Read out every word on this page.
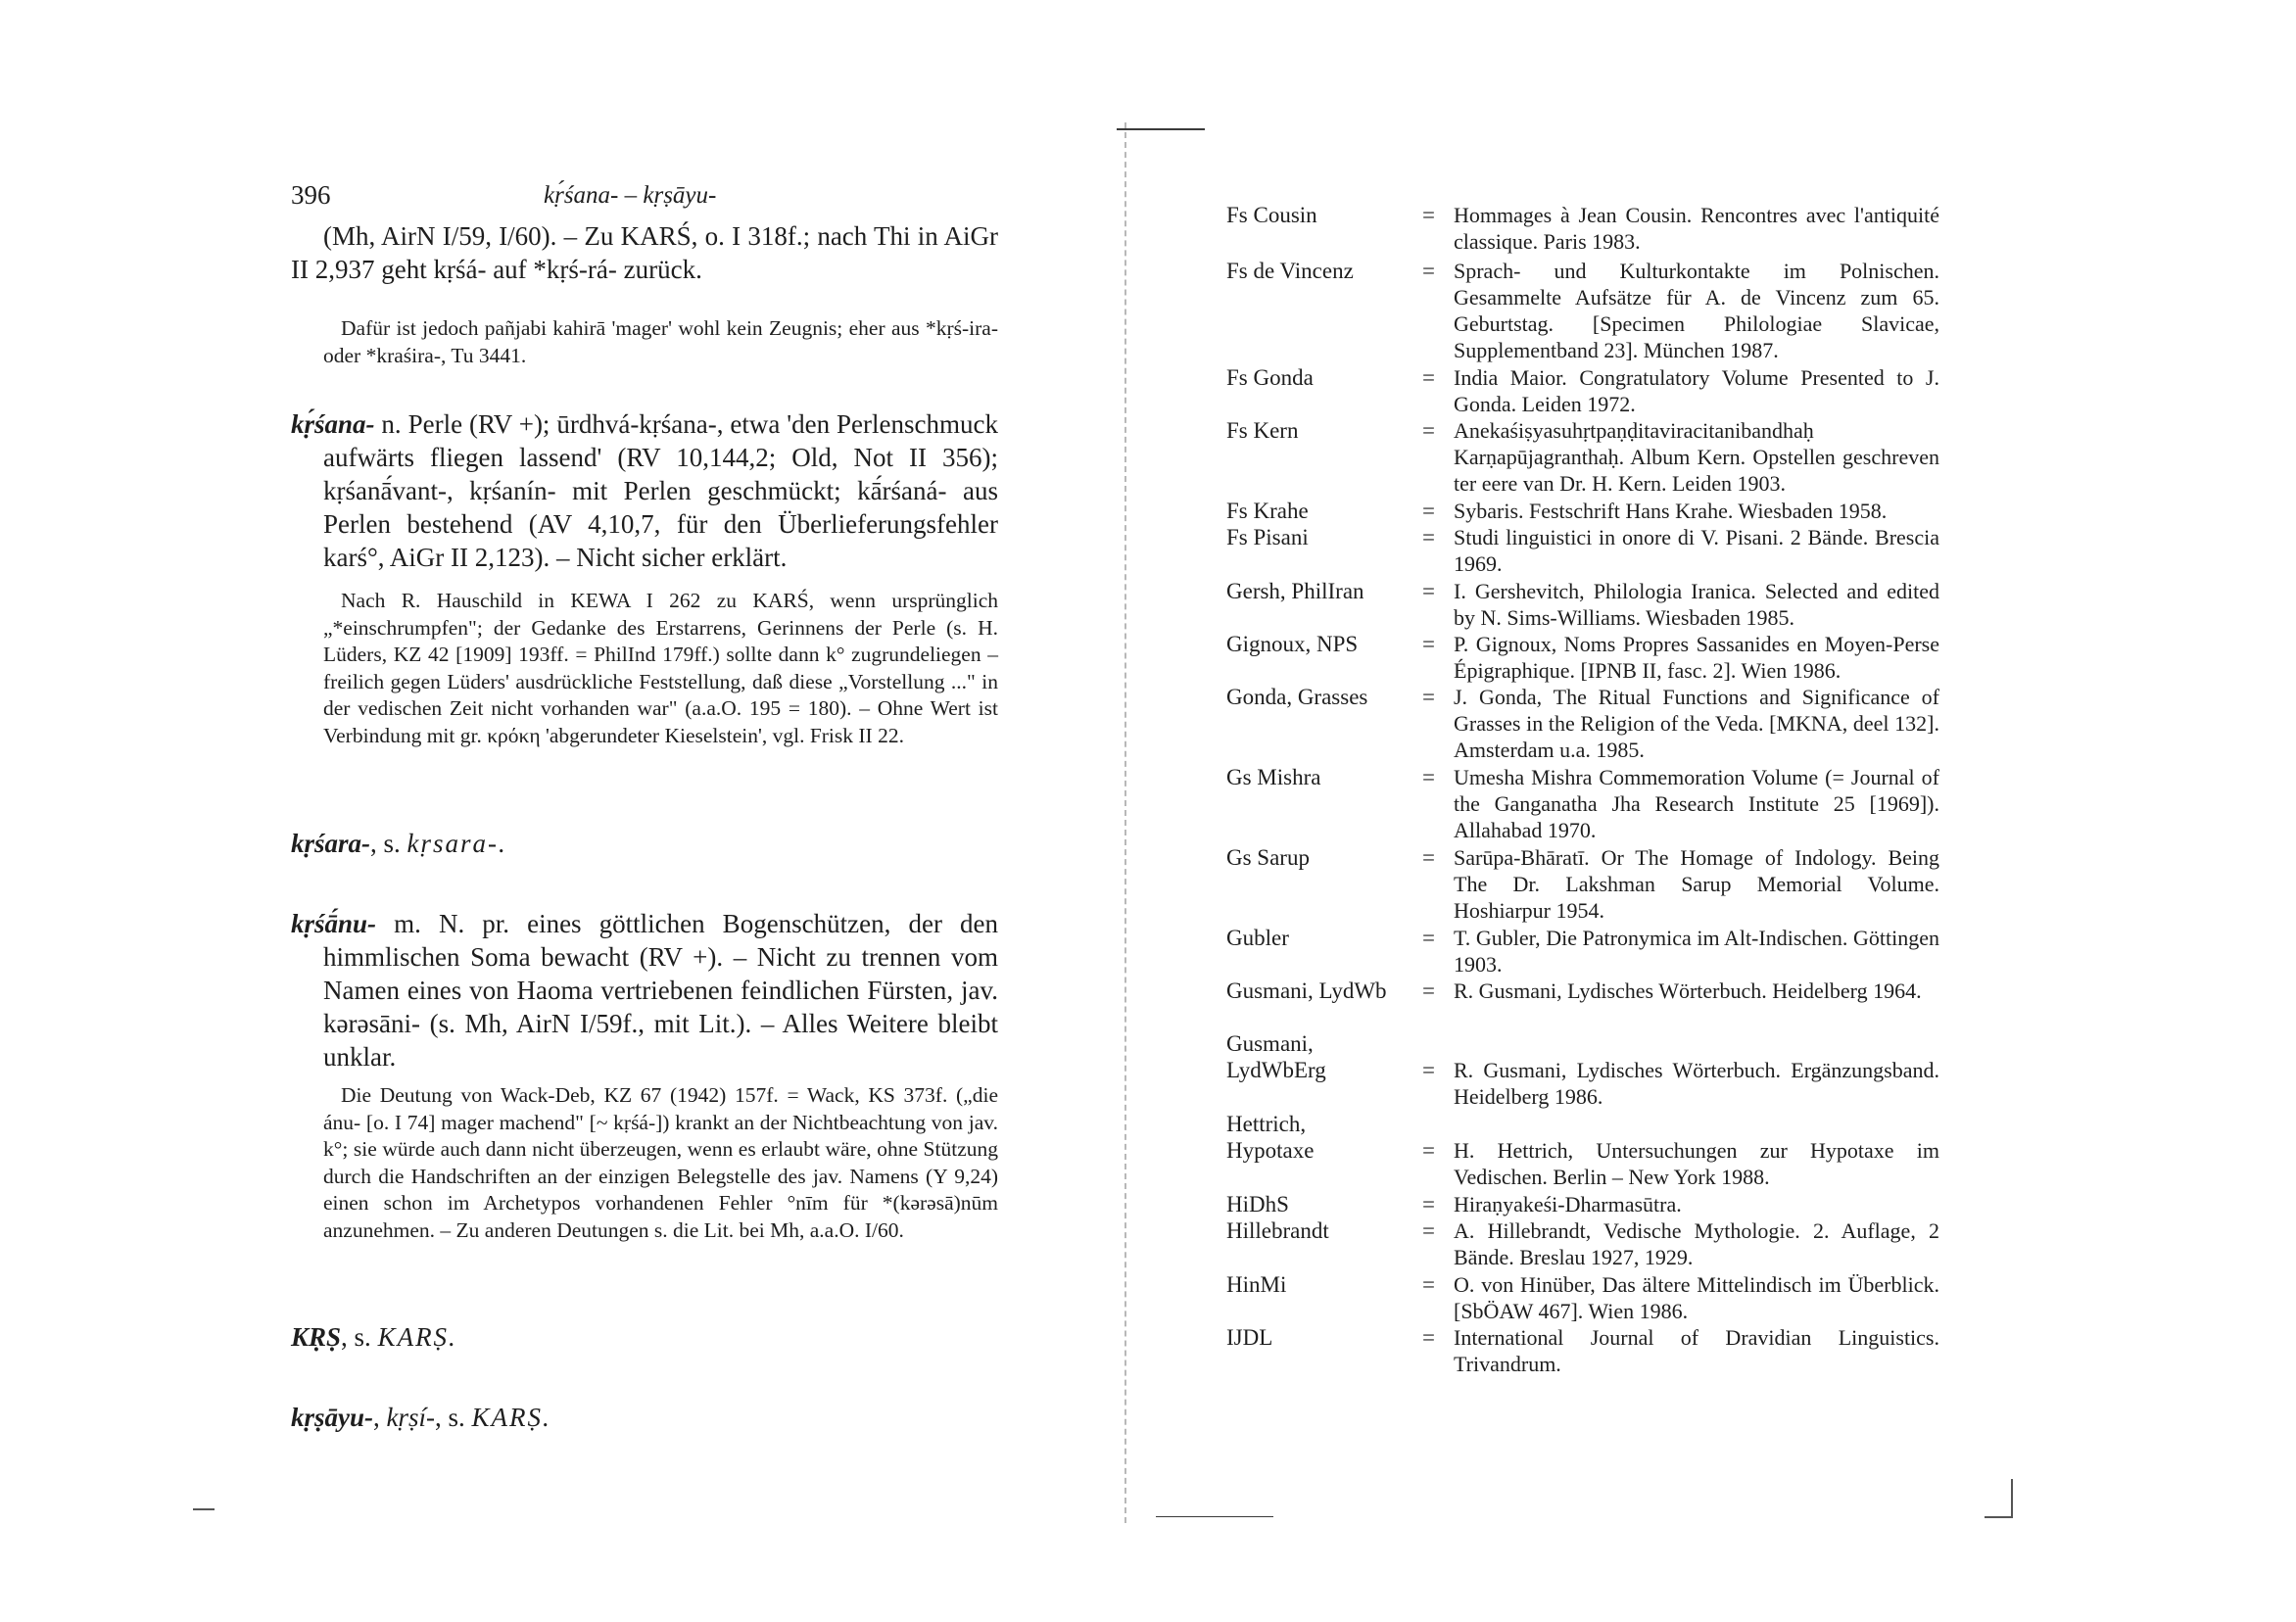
396	kṛ́śana- – kṛṣāyu-

(Mh, AirN I/59, I/60). – Zu KARŚ, o. I 318f.; nach Thi in AiGr II 2,937 geht kṛśá- auf *kṛś-rá- zurück.

Dafür ist jedoch pañjabi kahirā 'mager' wohl kein Zeugnis; eher aus *kṛś-ira- oder *kraśira-, Tu 3441.

kṛ́śana- n. Perle (RV +); ūrdhvá-kṛśana-, etwa 'den Perlenschmuck aufwärts fliegen lassend' (RV 10,144,2; Old, Not II 356); kṛśanā́vant-, kṛśanín- mit Perlen geschmückt; kā́rśaná- aus Perlen bestehend (AV 4,10,7, für den Überlieferungsfehler karś°, AiGr II 2,123). – Nicht sicher erklärt.

Nach R. Hauschild in KEWA I 262 zu KARŚ, wenn ursprünglich „*einschrumpfen"; der Gedanke des Erstarrens, Gerinnens der Perle (s. H. Lüders, KZ 42 [1909] 193ff. = PhilInd 179ff.) sollte dann k° zugrundeliegen – freilich gegen Lüders' ausdrückliche Feststellung, daß diese „Vorstellung ..." in der vedischen Zeit nicht vorhanden war" (a.a.O. 195 = 180). – Ohne Wert ist Verbindung mit gr. κρόκη 'abgerundeter Kieselstein', vgl. Frisk II 22.

kṛśara-, s. kṛsara-.

kṛśā́nu- m. N. pr. eines göttlichen Bogenschützen, der den himmlischen Soma bewacht (RV +). – Nicht zu trennen vom Namen eines von Haoma vertriebenen feindlichen Fürsten, jav. kərəsāni- (s. Mh, AirN I/59f., mit Lit.). – Alles Weitere bleibt unklar.

Die Deutung von Wack-Deb, KZ 67 (1942) 157f. = Wack, KS 373f. („die ánu- [o. I 74] mager machend" [~ kṛśá-]) krankt an der Nichtbeachtung von jav. k°; sie würde auch dann nicht überzeugen, wenn es erlaubt wäre, ohne Stützung durch die Handschriften an der einzigen Belegstelle des jav. Namens (Y 9,24) einen schon im Archetypos vorhandenen Fehler °nīm für *(kərəsā)nūm anzunehmen. – Zu anderen Deutungen s. die Lit. bei Mh, a.a.O. I/60.

KṚṢ, s. KARṢ.

kṛṣāyu-, kṛṣí-, s. KARṢ.

Fs Cousin	= Hommages à Jean Cousin. Rencontres avec l'antiquité classique. Paris 1983.
Fs de Vincenz	= Sprach- und Kulturkontakte im Polnischen. Gesammelte Aufsätze für A. de Vincenz zum 65. Geburtstag. [Specimen Philologiae Slavicae, Supplementband 23]. München 1987.
Fs Gonda	= India Maior. Congratulatory Volume Presented to J. Gonda. Leiden 1972.
Fs Kern	= Anekaśiṣyasuhṛtpaṇḍitaviracitanibandhaḥ Karṇapūjagranthaḥ. Album Kern. Opstellen geschreven ter eere van Dr. H. Kern. Leiden 1903.
Fs Krahe	= Sybaris. Festschrift Hans Krahe. Wiesbaden 1958.
Fs Pisani	= Studi linguistici in onore di V. Pisani. 2 Bände. Brescia 1969.
Gersh, PhilIran	= I. Gershevitch, Philologia Iranica. Selected and edited by N. Sims-Williams. Wiesbaden 1985.
Gignoux, NPS	= P. Gignoux, Noms Propres Sassanides en Moyen-Perse Épigraphique. [IPNB II, fasc. 2]. Wien 1986.
Gonda, Grasses	= J. Gonda, The Ritual Functions and Significance of Grasses in the Religion of the Veda. [MKNA, deel 132]. Amsterdam u.a. 1985.
Gs Mishra	= Umesha Mishra Commemoration Volume (= Journal of the Ganganatha Jha Research Institute 25 [1969]). Allahabad 1970.
Gs Sarup	= Sarūpa-Bhāratī. Or The Homage of Indology. Being The Dr. Lakshman Sarup Memorial Volume. Hoshiarpur 1954.
Gubler	= T. Gubler, Die Patronymica im Alt-Indischen. Göttingen 1903.
Gusmani, LydWb	= R. Gusmani, Lydisches Wörterbuch. Heidelberg 1964.
Gusmani,
LydWbErg	= R. Gusmani, Lydisches Wörterbuch. Ergänzungsband. Heidelberg 1986.
Hettrich,
Hypotaxe	= H. Hettrich, Untersuchungen zur Hypotaxe im Vedischen. Berlin – New York 1988.
HiDhS	= Hiraṇyakeśi-Dharmasūtra.
Hillebrandt	= A. Hillebrandt, Vedische Mythologie. 2. Auflage, 2 Bände. Breslau 1927, 1929.
HinMi	= O. von Hinüber, Das ältere Mittelindisch im Überblick. [SbÖAW 467]. Wien 1986.
IJDL	= International Journal of Dravidian Linguistics. Trivandrum.
